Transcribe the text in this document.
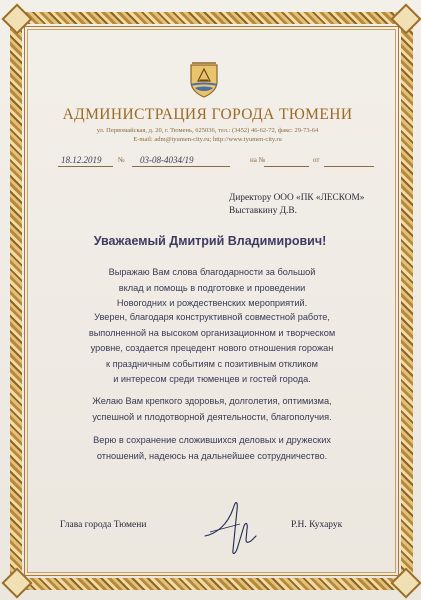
АДМИНИСТРАЦИЯ ГОРОДА ТЮМЕНИ
ул. Первомайская, д. 20, г. Тюмень, 625036, тел.: (3452) 46-62-72, факс: 29-73-64
E-mail: adm@tyumen-city.ru; http://www.tyumen-city.ru
18.12.2019 № 03-08-4034/19	на №	от
Директору ООО «ПК «ЛЕСКОМ»
Выставкину Д.В.
Уважаемый Дмитрий Владимирович!

Выражаю Вам слова благодарности за большой
вклад и помощь в подготовке и проведении
Новогодних и рождественских мероприятий.

Уверен, благодаря конструктивной совместной работе,
выполненной на высоком организационном и творческом
уровне, создается прецедент нового отношения горожан
к праздничным событиям с позитивным откликом
и интересом среди тюменцев и гостей города.

Желаю Вам крепкого здоровья, долголетия, оптимизма,
успешной и плодотворной деятельности, благополучия.

Верю в сохранение сложившихся деловых и дружеских
отношений, надеюсь на дальнейшее сотрудничество.

Глава города Тюмени	Р.Н. Кухарук
